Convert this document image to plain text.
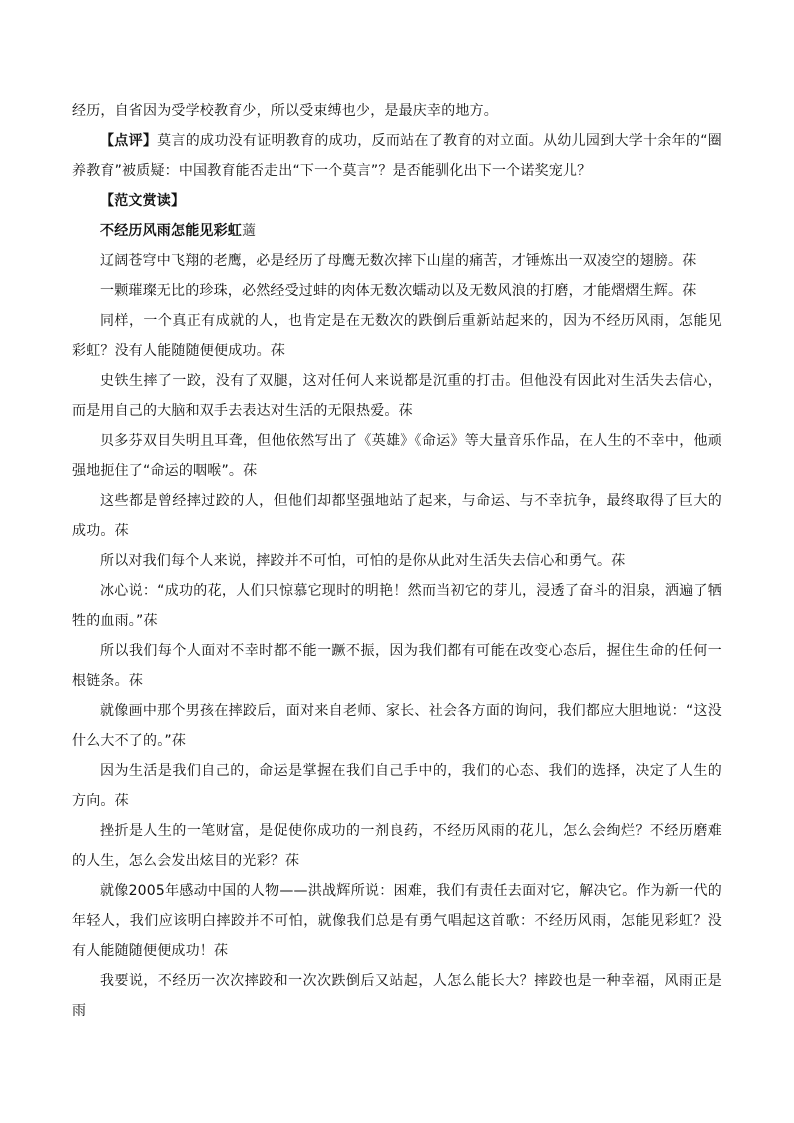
经历，自省因为受学校教育少，所以受束缚也少，是最庆幸的地方。

【点评】莫言的成功没有证明教育的成功，反而站在了教育的对立面。从幼儿园到大学十余年的“圈养教育”被质疑：中国教育能否走出“下一个莫言”？是否能驯化出下一个诺奖宠儿？

【范文赏读】

不经历风雨怎能见彩虹藡

辽阔苍穹中飞翔的老鹰，必是经历了母鹰无数次摔下山崖的痛苦，才锤炼出一双凌空的翅膀。茠

一颗璀璨无比的珍珠，必然经受过蚌的肉体无数次蠕动以及无数风浪的打磨，才能熠熠生辉。茠

同样，一个真正有成就的人，也肯定是在无数次的跌倒后重新站起来的，因为不经历风雨，怎能见彩虹？没有人能随随便便成功。茠

史铁生摔了一跤，没有了双腿，这对任何人来说都是沉重的打击。但他没有因此对生活失去信心，而是用自己的大脑和双手去表达对生活的无限热爱。茠

贝多芬双目失明且耳聋，但他依然写出了《英雄》《命运》等大量音乐作品，在人生的不幸中，他顽强地扼住了“命运的咽喉”。茠

这些都是曾经摔过跤的人，但他们却都坚强地站了起来，与命运、与不幸抗争，最终取得了巨大的成功。茠

所以对我们每个人来说，摔跤并不可怕，可怕的是你从此对生活失去信心和勇气。茠

冰心说：“成功的花，人们只惊慕它现时的明艳！然而当初它的芽儿，浸透了奋斗的泪泉，洒遍了牺牲的血雨。”茠

所以我们每个人面对不幸时都不能一蹶不振，因为我们都有可能在改变心态后，握住生命的任何一根链条。茠

就像画中那个男孩在摔跤后，面对来自老师、家长、社会各方面的询问，我们都应大胆地说：“这没什么大不了的。”茠

因为生活是我们自己的，命运是掌握在我们自己手中的，我们的心态、我们的选择，决定了人生的方向。茠

挫折是人生的一笔财富，是促使你成功的一剂良药，不经历风雨的花儿，怎么会绚烂？不经历磨难的人生，怎么会发出炫目的光彩？茠

就像2005年感动中国的人物——洪战辉所说：困难，我们有责任去面对它，解决它。作为新一代的年轻人，我们应该明白摔跤并不可怕，就像我们总是有勇气唱起这首歌：不经历风雨，怎能见彩虹？没有人能随随便便成功！茠

我要说，不经历一次次摔跤和一次次跌倒后又站起，人怎么能长大？摔跤也是一种幸福，风雨正是雨
